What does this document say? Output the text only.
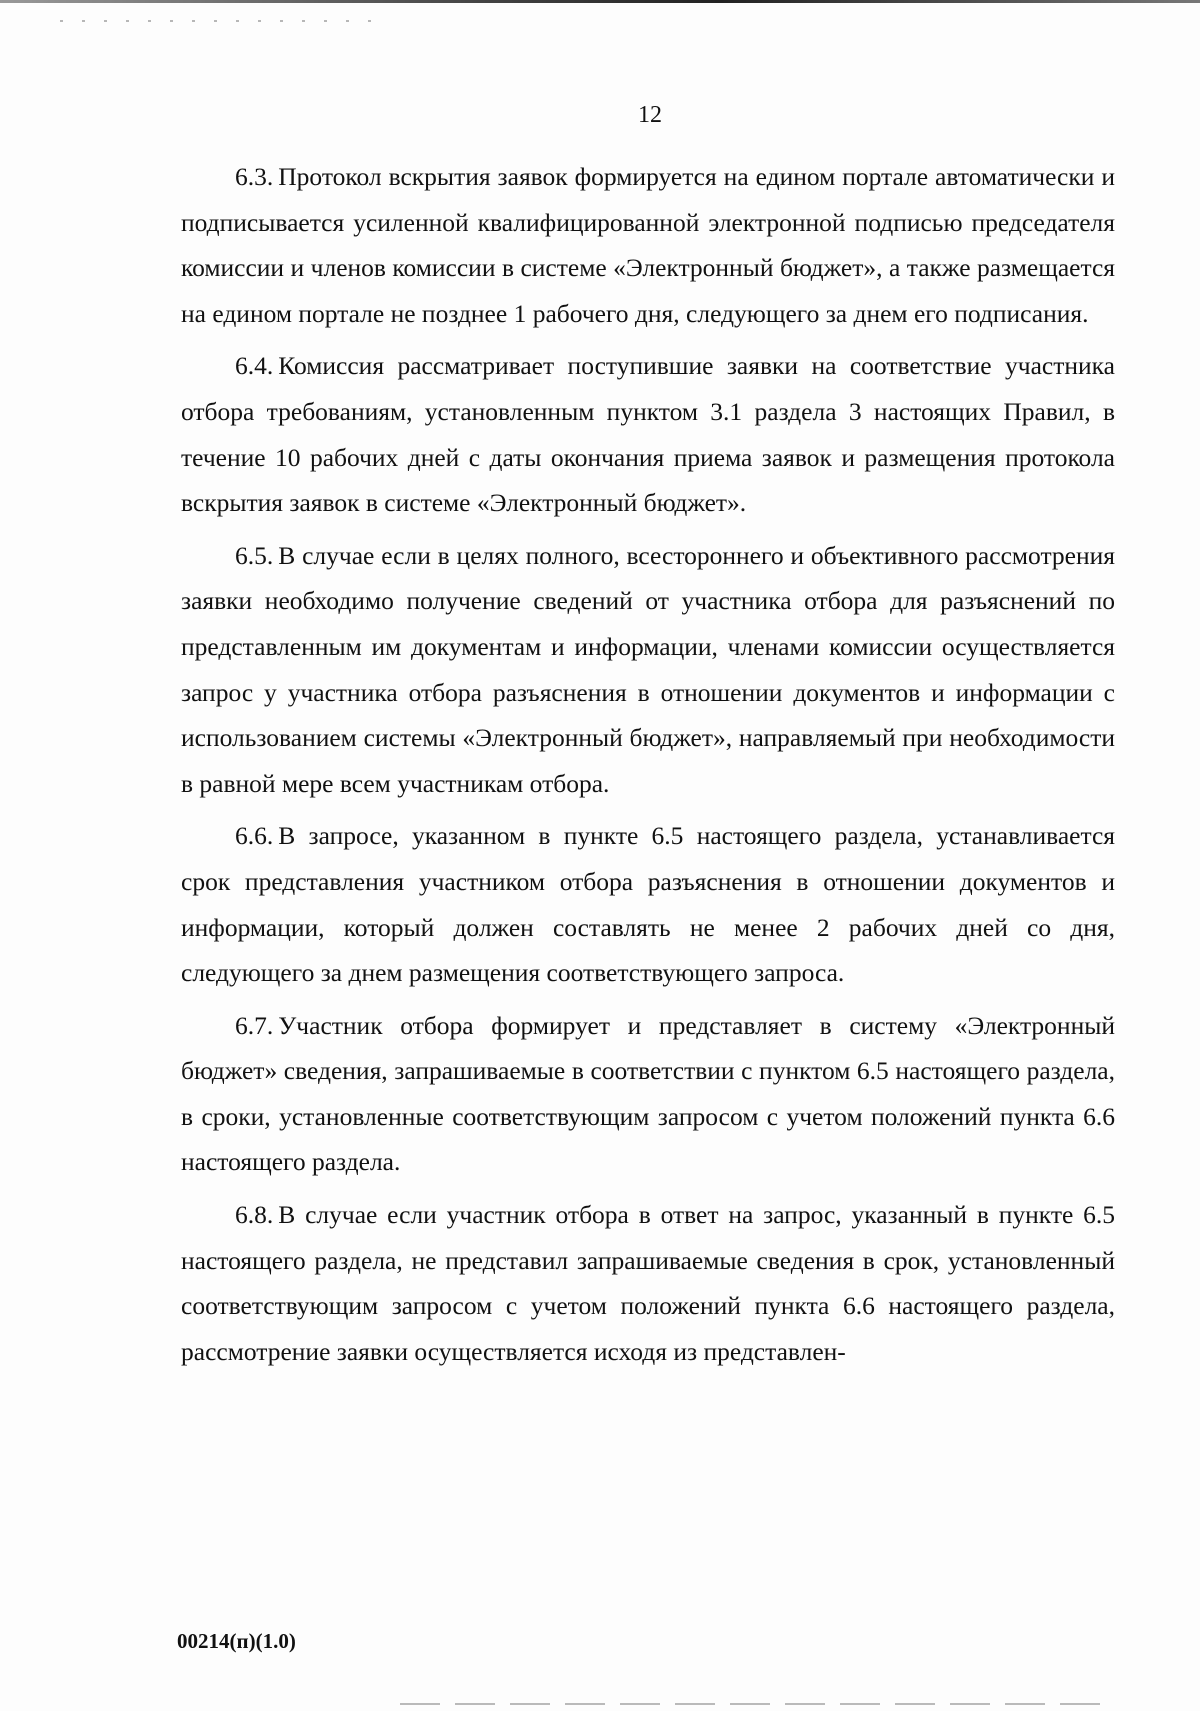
12

6.3. Протокол вскрытия заявок формируется на едином портале автоматически и подписывается усиленной квалифицированной электронной подписью председателя комиссии и членов комиссии в системе «Электронный бюджет», а также размещается на едином портале не позднее 1 рабочего дня, следующего за днем его подписания.

6.4. Комиссия рассматривает поступившие заявки на соответствие участника отбора требованиям, установленным пунктом 3.1 раздела 3 настоящих Правил, в течение 10 рабочих дней с даты окончания приема заявок и размещения протокола вскрытия заявок в системе «Электронный бюджет».

6.5. В случае если в целях полного, всестороннего и объективного рассмотрения заявки необходимо получение сведений от участника отбора для разъяснений по представленным им документам и информации, членами комиссии осуществляется запрос у участника отбора разъяснения в отношении документов и информации с использованием системы «Электронный бюджет», направляемый при необходимости в равной мере всем участникам отбора.

6.6. В запросе, указанном в пункте 6.5 настоящего раздела, устанавливается срок представления участником отбора разъяснения в отношении документов и информации, который должен составлять не менее 2 рабочих дней со дня, следующего за днем размещения соответствующего запроса.

6.7. Участник отбора формирует и представляет в систему «Электронный бюджет» сведения, запрашиваемые в соответствии с пунктом 6.5 настоящего раздела, в сроки, установленные соответствующим запросом с учетом положений пункта 6.6 настоящего раздела.

6.8. В случае если участник отбора в ответ на запрос, указанный в пункте 6.5 настоящего раздела, не представил запрашиваемые сведения в срок, установленный соответствующим запросом с учетом положений пункта 6.6 настоящего раздела, рассмотрение заявки осуществляется исходя из представлен-

00214(п)(1.0)
